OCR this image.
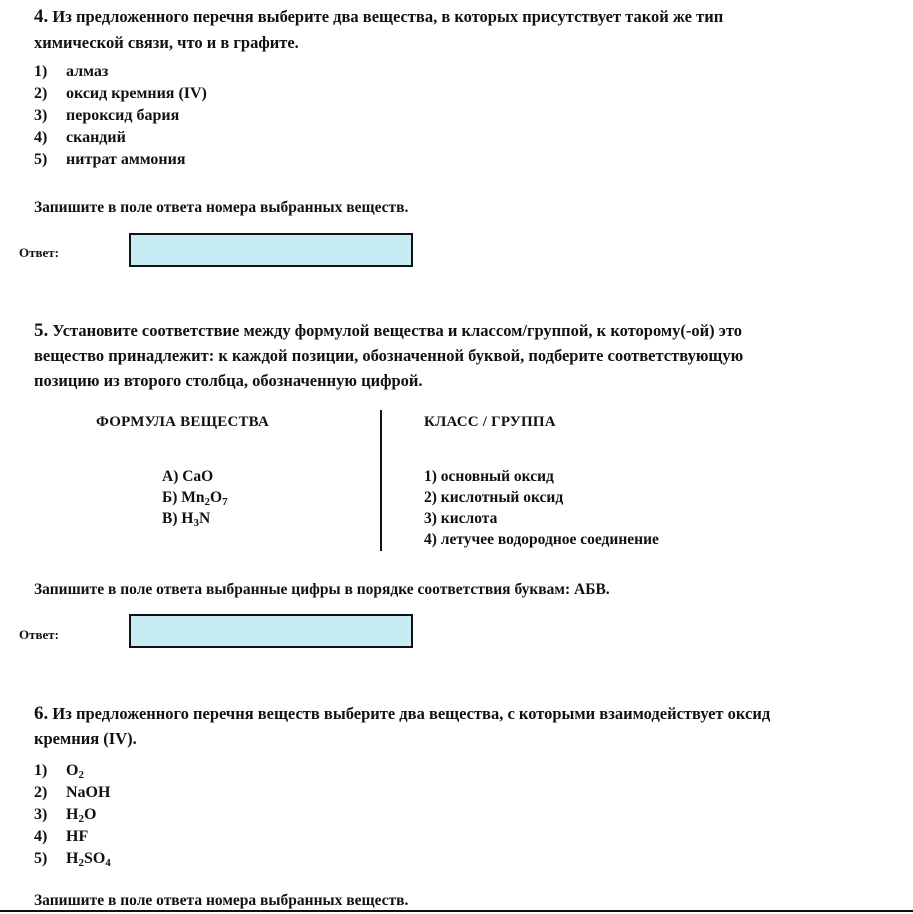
4. Из предложенного перечня выберите два вещества, в которых присутствует такой же тип
химической связи, что и в графите.
1) алмаз
2) оксид кремния (IV)
3) пероксид бария
4) скандий
5) нитрат аммония
Запишите в поле ответа номера выбранных веществ.
Ответ:
5. Установите соответствие между формулой вещества и классом/группой, к которому(-ой) это
вещество принадлежит: к каждой позиции, обозначенной буквой, подберите соответствующую
позицию из второго столбца, обозначенную цифрой.
ФОРМУЛА ВЕЩЕСТВА	КЛАСС / ГРУППА
А) CaO
Б) $Mn_2O_7$
В) $H_3N$
1) основный оксид
2) кислотный оксид
3) кислота
4) летучее водородное соединение
Запишите в поле ответа выбранные цифры в порядке соответствия буквам: АБВ.
Ответ:
6. Из предложенного перечня веществ выберите два вещества, с которыми взаимодействует оксид
кремния (IV).
1) $O_2$
2) NaOH
3) $H_2O$
4) HF
5) $H_2SO_4$
Запишите в поле ответа номера выбранных веществ.
